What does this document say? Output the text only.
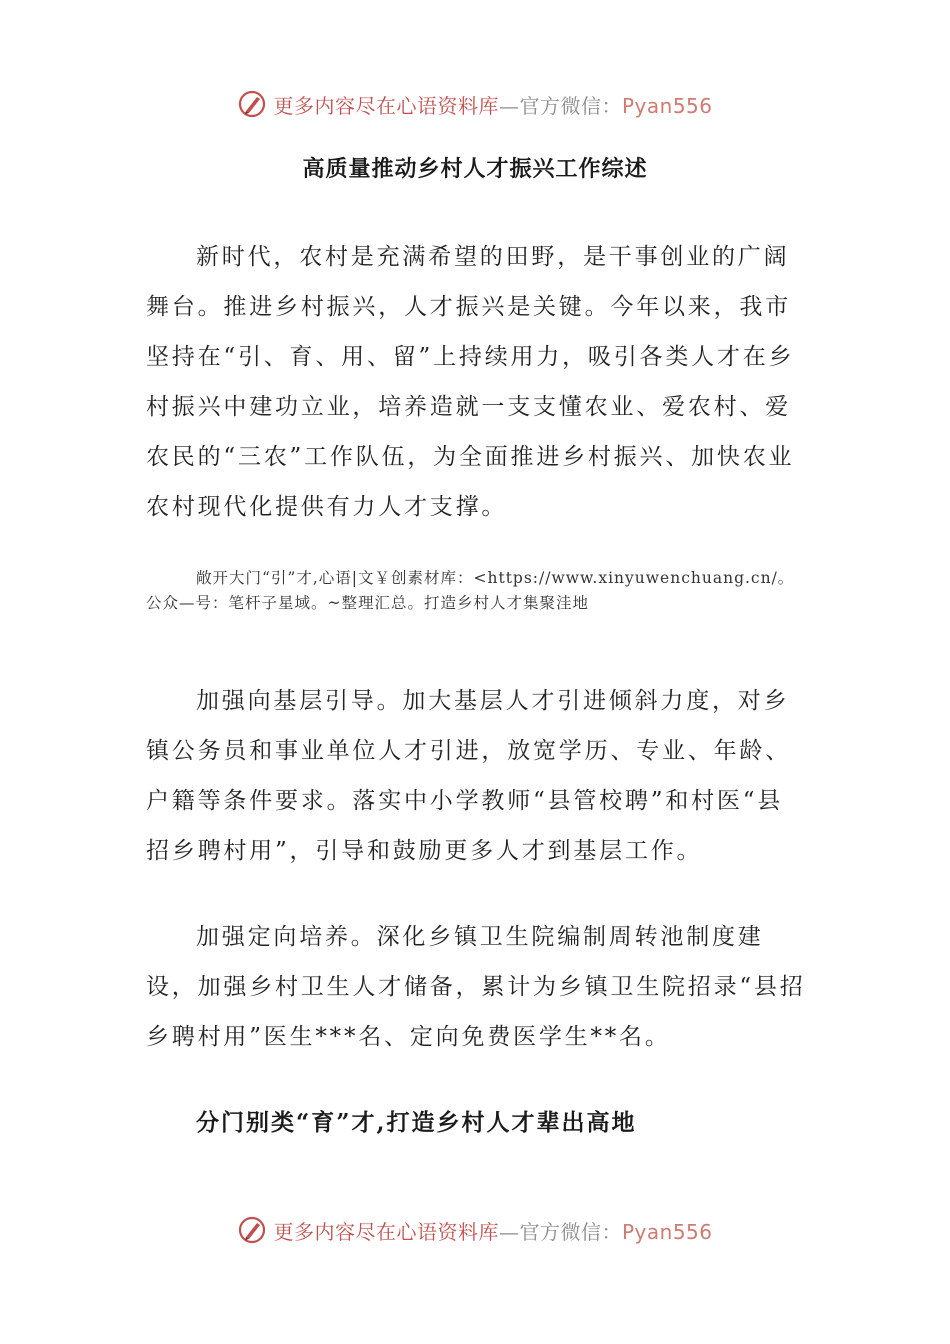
更多内容尽在心语资料库—官方微信：Pyan556
高质量推动乡村人才振兴工作综述

新时代，农村是充满希望的田野，是干事创业的广阔舞台。推进乡村振兴，人才振兴是关键。今年以来，我市坚持在“引、育、用、留”上持续用力，吸引各类人才在乡村振兴中建功立业，培养造就一支支懂农业、爱农村、爱农民的“三农”工作队伍，为全面推进乡村振兴、加快农业农村现代化提供有力人才支撑。

敞开大门“引”才,心语|文￥创素材库：<https://www.xinyuwenchuang.cn/。公众—号：笔杆子星域。~整理汇总。打造乡村人才集聚洼地

加强向基层引导。加大基层人才引进倾斜力度，对乡镇公务员和事业单位人才引进，放宽学历、专业、年龄、户籍等条件要求。落实中小学教师“县管校聘”和村医“县招乡聘村用”，引导和鼓励更多人才到基层工作。

加强定向培养。深化乡镇卫生院编制周转池制度建设，加强乡村卫生人才储备，累计为乡镇卫生院招录“县招乡聘村用”医生***名、定向免费医学生**名。

分门别类“育”才,打造乡村人才辈出高地
更多内容尽在心语资料库—官方微信：Pyan556
